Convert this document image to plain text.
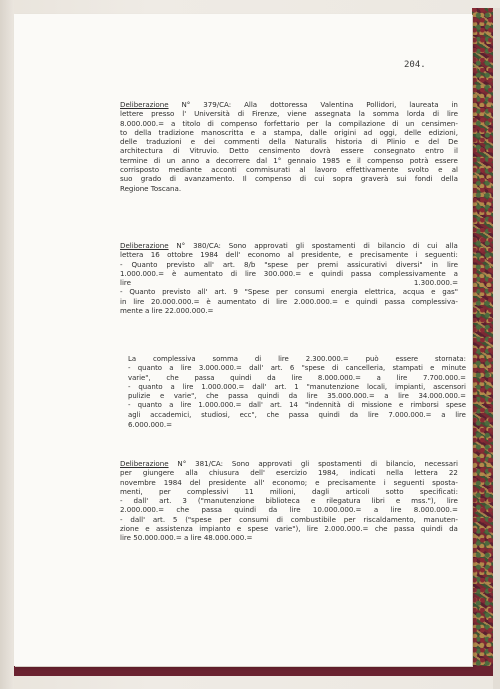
204.
Deliberazione N° 379/CA: Alla dottoressa Valentina Pollidori, laureata in
lettere presso l' Università di Firenze, viene assegnata la somma lorda di lire
8.000.000.= a titolo di compenso forfettario per la compilazione di un censimen-
to della tradizione manoscritta e a stampa, dalle origini ad oggi, delle edizioni,
delle traduzioni e dei commenti della Naturalis historia di Plinio e del De
architectura di Vitruvio. Detto censimento dovrà essere consegnato entro il
termine di un anno a decorrere dal 1° gennaio 1985 e il compenso potrà essere
corrisposto mediante acconti commisurati al lavoro effettivamente svolto e al
suo grado di avanzamento. Il compenso di cui sopra graverà sui fondi della
Regione Toscana.
Deliberazione N° 380/CA: Sono approvati gli spostamenti di bilancio di cui alla
lettera 16 ottobre 1984 dell' economo al presidente, e precisamente i seguenti:
- Quanto previsto all' art. 8/b "spese per premi assicurativi diversi" in lire
1.000.000.= è aumentato di lire 300.000.= e quindi passa complessivamente a
lire	1.300.000.=
- Quanto previsto all' art. 9 "Spese per consumi energia elettrica, acqua e gas"
in lire 20.000.000.= è aumentato di lire 2.000.000.= e quindi passa complessiva-
mente a lire 22.000.000.=
La complessiva somma di lire 2.300.000.= può essere stornata:
- quanto a lire 3.000.000.= dall' art. 6 "spese di cancelleria, stampati e minute
varie", che passa quindi da lire 8.000.000.= a lire 7.700.000.=
- quanto a lire 1.000.000.= dall' art. 1 "manutenzione locali, impianti, ascensori
pulizie e varie", che passa quindi da lire 35.000.000.= a lire 34.000.000.=
- quanto a lire 1.000.000.= dall' art. 14 "indennità di missione e rimborsi spese
agli accademici, studiosi, ecc", che passa quindi da lire 7.000.000.= a lire
6.000.000.=
Deliberazione N° 381/CA: Sono approvati gli spostamenti di bilancio, necessari
per giungere alla chiusura dell' esercizio 1984, indicati nella lettera 22
novembre 1984 del presidente all' economo; e precisamente i seguenti sposta-
menti, per complessivi 11 milioni, dagli articoli sotto specificati:
- dall' art. 3 ("manutenzione biblioteca e rilegatura libri e mss."), lire
2.000.000.= che passa quindi da lire 10.000.000.= a lire 8.000.000.=
- dall' art. 5 ("spese per consumi di combustibile per riscaldamento, manuten-
zione e assistenza impianto e spese varie"), lire 2.000.000.= che passa quindi da
lire 50.000.000.= a lire 48.000.000.=
